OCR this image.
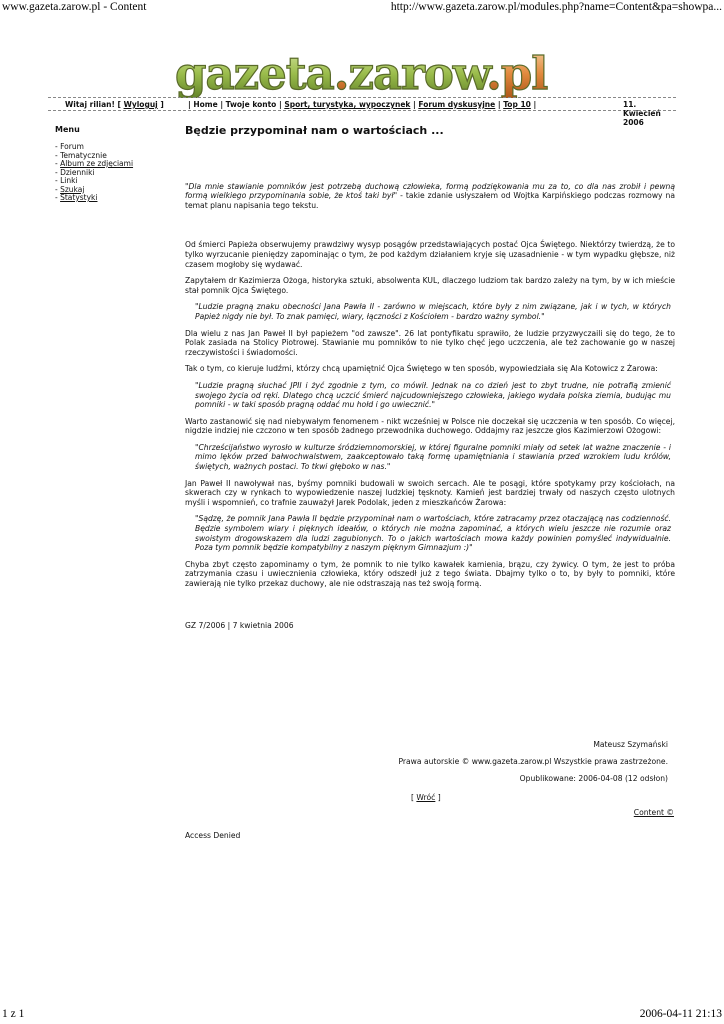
www.gazeta.zarow.pl - Content	http://www.gazeta.zarow.pl/modules.php?name=Content&pa=showpa...
gazeta.zarow.pl
Witaj rilian! [ Wyloguj ]	| Home | Twoje konto | Sport, turystyka, wypoczynek | Forum dyskusyjne | Top 10 |	11. Kwiecień 2006
Menu
- Forum
- Tematycznie
- Album ze zdjęciami
- Dzienniki
- Linki
- Szukaj
- Statystyki
Będzie przypominał nam o wartościach ...
"Dla mnie stawianie pomników jest potrzebą duchową człowieka, formą podziękowania mu za to, co dla nas zrobił i pewną formą wielkiego przypominania sobie, że ktoś taki był" - takie zdanie usłyszałem od Wojtka Karpińskiego podczas rozmowy na temat planu napisania tego tekstu.
Od śmierci Papieża obserwujemy prawdziwy wysyp posągów przedstawiających postać Ojca Świętego. Niektórzy twierdzą, że to tylko wyrzucanie pieniędzy zapominając o tym, że pod każdym działaniem kryje się uzasadnienie - w tym wypadku głębsze, niż czasem mogłoby się wydawać.
Zapytałem dr Kazimierza Ożoga, historyka sztuki, absolwenta KUL, dlaczego ludziom tak bardzo zależy na tym, by w ich mieście stał pomnik Ojca Świętego.
"Ludzie pragną znaku obecności Jana Pawła II - zarówno w miejscach, które były z nim związane, jak i w tych, w których Papież nigdy nie był. To znak pamięci, wiary, łączności z Kościołem - bardzo ważny symbol."
Dla wielu z nas Jan Paweł II był papieżem "od zawsze". 26 lat pontyfikatu sprawiło, że ludzie przyzwyczaili się do tego, że to Polak zasiada na Stolicy Piotrowej. Stawianie mu pomników to nie tylko chęć jego uczczenia, ale też zachowanie go w naszej rzeczywistości i świadomości.
Tak o tym, co kieruje ludźmi, którzy chcą upamiętnić Ojca Świętego w ten sposób, wypowiedziała się Ala Kotowicz z Żarowa:
"Ludzie pragną słuchać JPII i żyć zgodnie z tym, co mówił. Jednak na co dzień jest to zbyt trudne, nie potrafią zmienić swojego życia od ręki. Dlatego chcą uczcić śmierć najcudowniejszego człowieka, jakiego wydała polska ziemia, budując mu pomniki - w taki sposób pragną oddać mu hołd i go uwiecznić."
Warto zastanowić się nad niebywałym fenomenem - nikt wcześniej w Polsce nie doczekał się uczczenia w ten sposób. Co więcej, nigdzie indziej nie czczono w ten sposób żadnego przewodnika duchowego. Oddajmy raz jeszcze głos Kazimierzowi Ożogowi:
"Chrześcijaństwo wyrosło w kulturze śródziemnomorskiej, w której figuralne pomniki miały od setek lat ważne znaczenie - i mimo lęków przed bałwochwalstwem, zaakceptowało taką formę upamiętniania i stawiania przed wzrokiem ludu królów, świętych, ważnych postaci. To tkwi głęboko w nas."
Jan Paweł II nawoływał nas, byśmy pomniki budowali w swoich sercach. Ale te posągi, które spotykamy przy kościołach, na skwerach czy w rynkach to wypowiedzenie naszej ludzkiej tęsknoty. Kamień jest bardziej trwały od naszych często ulotnych myśli i wspomnień, co trafnie zauważył Jarek Podolak, jeden z mieszkańców Żarowa:
"Sądzę, że pomnik Jana Pawła II będzie przypominał nam o wartościach, które zatracamy przez otaczającą nas codzienność. Będzie symbolem wiary i pięknych ideałów, o których nie można zapominać, a których wielu jeszcze nie rozumie oraz swoistym drogowskazem dla ludzi zagubionych. To o jakich wartościach mowa każdy powinien pomyśleć indywidualnie. Poza tym pomnik będzie kompatybilny z naszym pięknym Gimnazjum :)"
Chyba zbyt często zapominamy o tym, że pomnik to nie tylko kawałek kamienia, brązu, czy żywicy. O tym, że jest to próba zatrzymania czasu i uwiecznienia człowieka, który odszedł już z tego świata. Dbajmy tylko o to, by były to pomniki, które zawierają nie tylko przekaz duchowy, ale nie odstraszają nas też swoją formą.
GZ 7/2006 | 7 kwietnia 2006
Mateusz Szymański
Prawa autorskie © www.gazeta.zarow.pl Wszystkie prawa zastrzeżone.
Opublikowane: 2006-04-08 (12 odsłon)
[ Wróć ]
Content ©
Access Denied
1 z 1	2006-04-11 21:13
